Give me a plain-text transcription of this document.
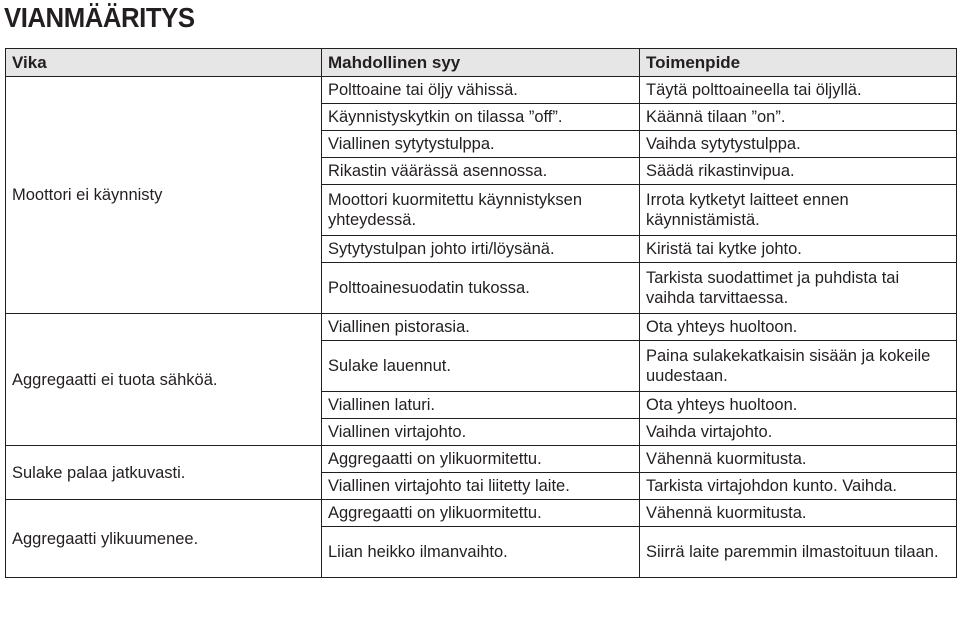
VIANMÄÄRITYS
Vika	Mahdollinen syy	Toimenpide
Moottori ei käynnisty	Polttoaine tai öljy vähissä.	Täytä polttoaineella tai öljyllä.
	Käynnistyskytkin on tilassa ”off”.	Käännä tilaan ”on”.
	Viallinen sytytystulppa.	Vaihda sytytystulppa.
	Rikastin väärässä asennossa.	Säädä rikastinvipua.
	Moottori kuormitettu käynnistyksen yhteydessä.	Irrota kytketyt laitteet ennen käynnistämistä.
	Sytytystulpan johto irti/löysänä.	Kiristä tai kytke johto.
	Polttoainesuodatin tukossa.	Tarkista suodattimet ja puhdista tai vaihda tarvittaessa.
Aggregaatti ei tuota sähköä.	Viallinen pistorasia.	Ota yhteys huoltoon.
	Sulake lauennut.	Paina sulakekatkaisin sisään ja kokeile uudestaan.
	Viallinen laturi.	Ota yhteys huoltoon.
	Viallinen virtajohto.	Vaihda virtajohto.
Sulake palaa jatkuvasti.	Aggregaatti on ylikuormitettu.	Vähennä kuormitusta.
	Viallinen virtajohto tai liitetty laite.	Tarkista virtajohdon kunto. Vaihda.
Aggregaatti ylikuumenee.	Aggregaatti on ylikuormitettu.	Vähennä kuormitusta.
	Liian heikko ilmanvaihto.	Siirrä laite paremmin ilmastoituun tilaan.
